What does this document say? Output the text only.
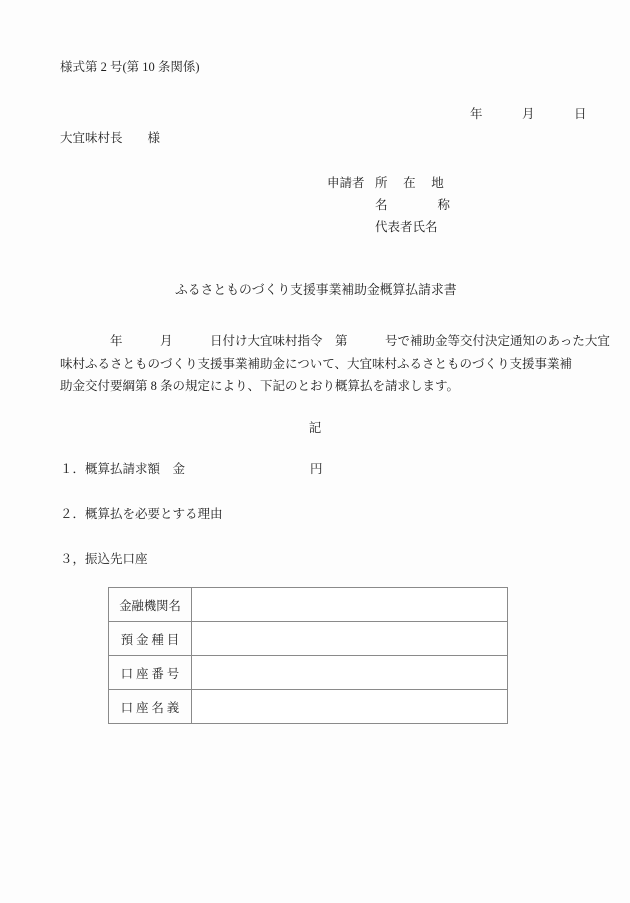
様式第 2 号(第 10 条関係)
年　　　月　　　日
大宜味村長　　様
申請者 所　 在　 地
名　　　　称
代表者氏名
ふるさとものづくり支援事業補助金概算払請求書
　　　　年　　　月　　　日付け大宜味村指令　第　　　号で補助金等交付決定通知のあった大宜
味村ふるさとものづくり支援事業補助金について、大宜味村ふるさとものづくり支援事業補
助金交付要綱第 8 条の規定により、下記のとおり概算払を請求します。
記
１．概算払請求額　金	円
２．概算払を必要とする理由
３，振込先口座
金融機関名	
預 金 種 目	
口 座 番 号	
口 座 名 義	
